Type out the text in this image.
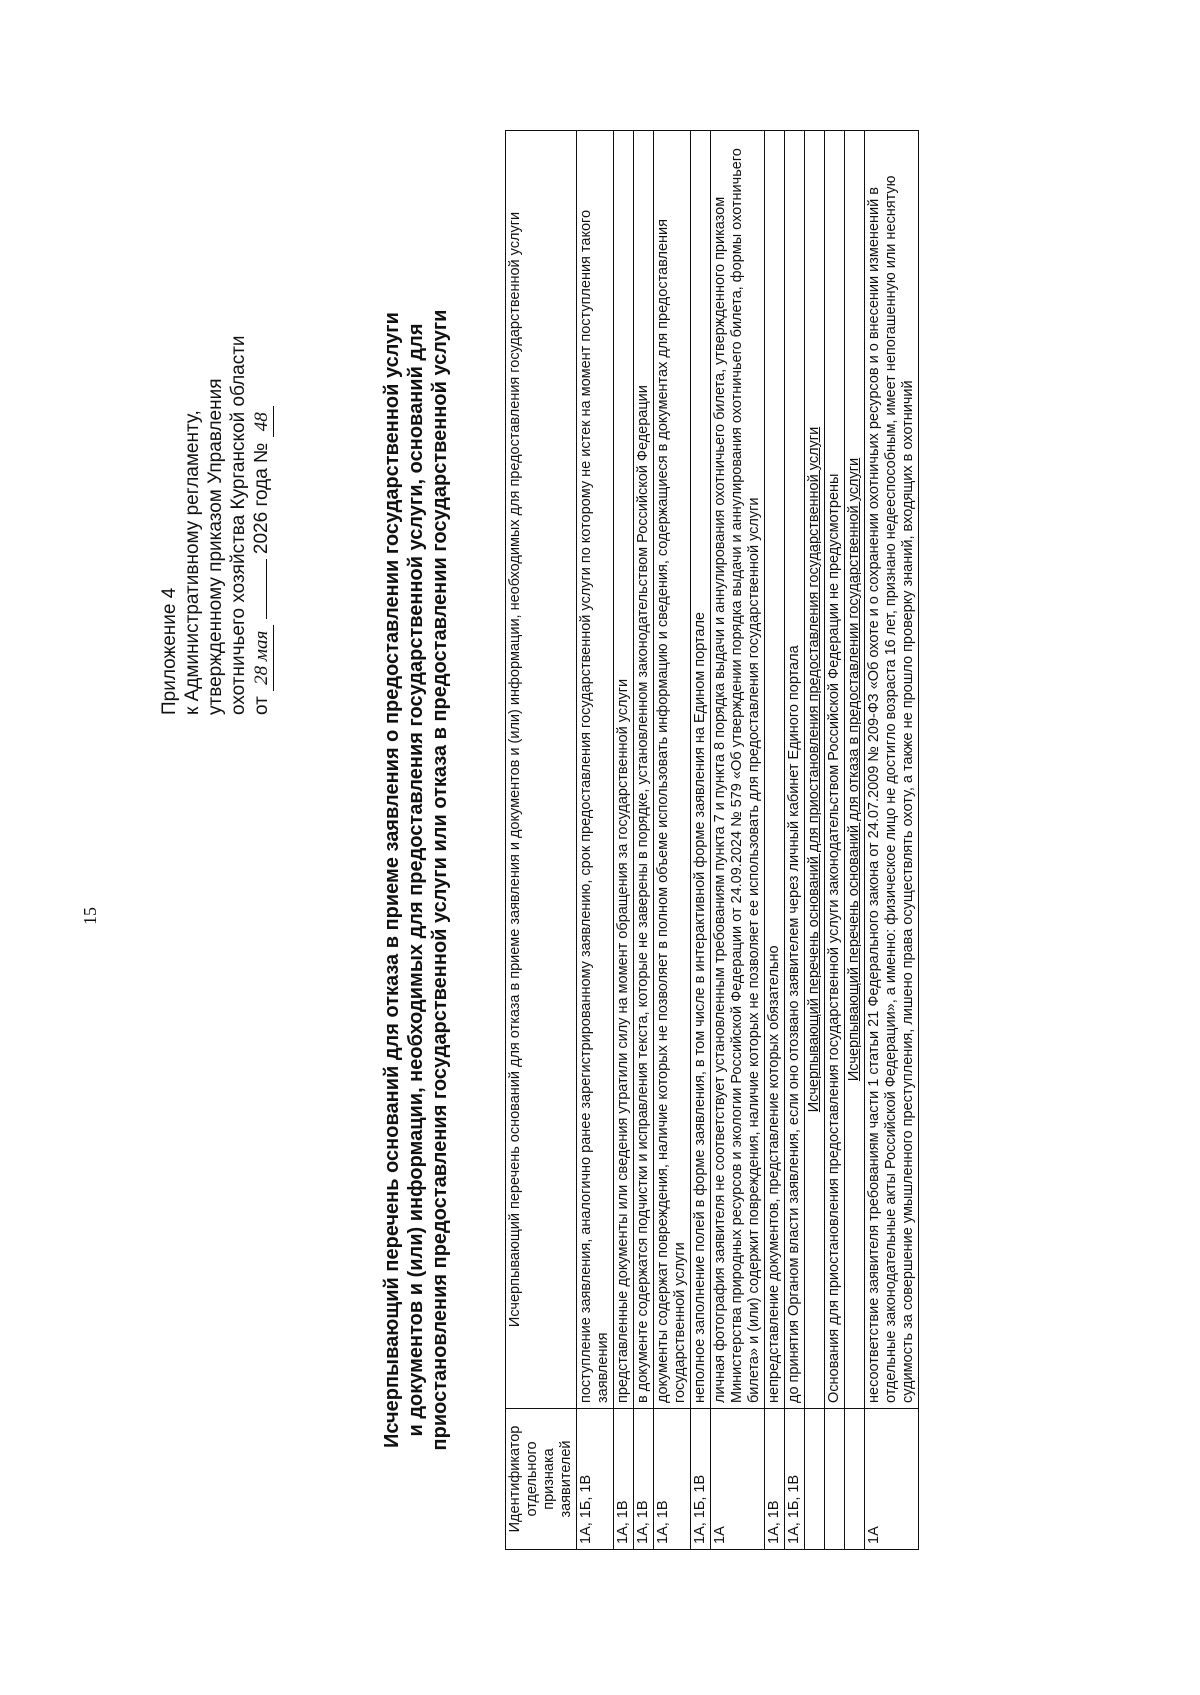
15
Приложение 4 к Административному регламенту, утвержденному приказом Управления охотничьего хозяйства Курганской области от 28 мая  2026 года № 48	Исчерпывающий перечень оснований для отказа в приеме заявления о предоставлении государственной услуги и документов и (или) информации, необходимых для предоставления государственной услуги, оснований для приостановления предоставления государственной услуги или отказа в предоставлении государственной услуги
Идентификатор отдельного признака заявителей	Исчерпывающий перечень оснований для отказа в приеме заявления и документов и (или) информации, необходимых для предоставления государственной услуги
1А, 1Б, 1В	поступление заявления, аналогично ранее зарегистрированному заявлению, срок предоставления государственной услуги по которому не истек на момент поступления такого заявления
1А, 1В	представленные документы или сведения утратили силу на момент обращения за государственной услуги
1А, 1В	в документе содержатся подчистки и исправления текста, которые не заверены в порядке, установленном законодательством Российской Федерации
1А, 1В	документы содержат повреждения, наличие которых не позволяет в полном объеме использовать информацию и сведения, содержащиеся в документах для предоставления государственной услуги
1А, 1Б, 1В	неполное заполнение полей в форме заявления, в том числе в интерактивной форме заявления на Едином портале
1А	личная фотография заявителя не соответствует установленным требованиям пункта 7 и пункта 8 порядка выдачи и аннулирования охотничьего билета, утвержденного приказом Министерства природных ресурсов и экологии Российской Федерации от 24.09.2024 № 579 «Об утверждении порядка выдачи и аннулирования охотничьего билета, формы охотничьего билета» и (или) содержит повреждения, наличие которых не позволяет ее использовать для предоставления государственной услуги
1А, 1В	непредставление документов, представление которых обязательно
1А, 1Б, 1В	до принятия Органом власти заявления, если оно отозвано заявителем через личный кабинет Единого портала
	Исчерпывающий перечень оснований для приостановления предоставления государственной услуги
	Основания для приостановления предоставления государственной услуги законодательством Российской Федерации не предусмотрены
	Исчерпывающий перечень оснований для отказа в предоставлении государственной услуги
1А	несоответствие заявителя требованиям части 1 статьи 21 Федерального закона от 24.07.2009 № 209-ФЗ «Об охоте и о сохранении охотничьих ресурсов и о внесении изменений в отдельные законодательные акты Российской Федерации», а именно: физическое лицо не достигло возраста 16 лет, признано недееспособным, имеет непогашенную или неснятую судимость за совершение умышленного преступления, лишено права осуществлять охоту, а также не прошло проверку знаний, входящих в охотничий
